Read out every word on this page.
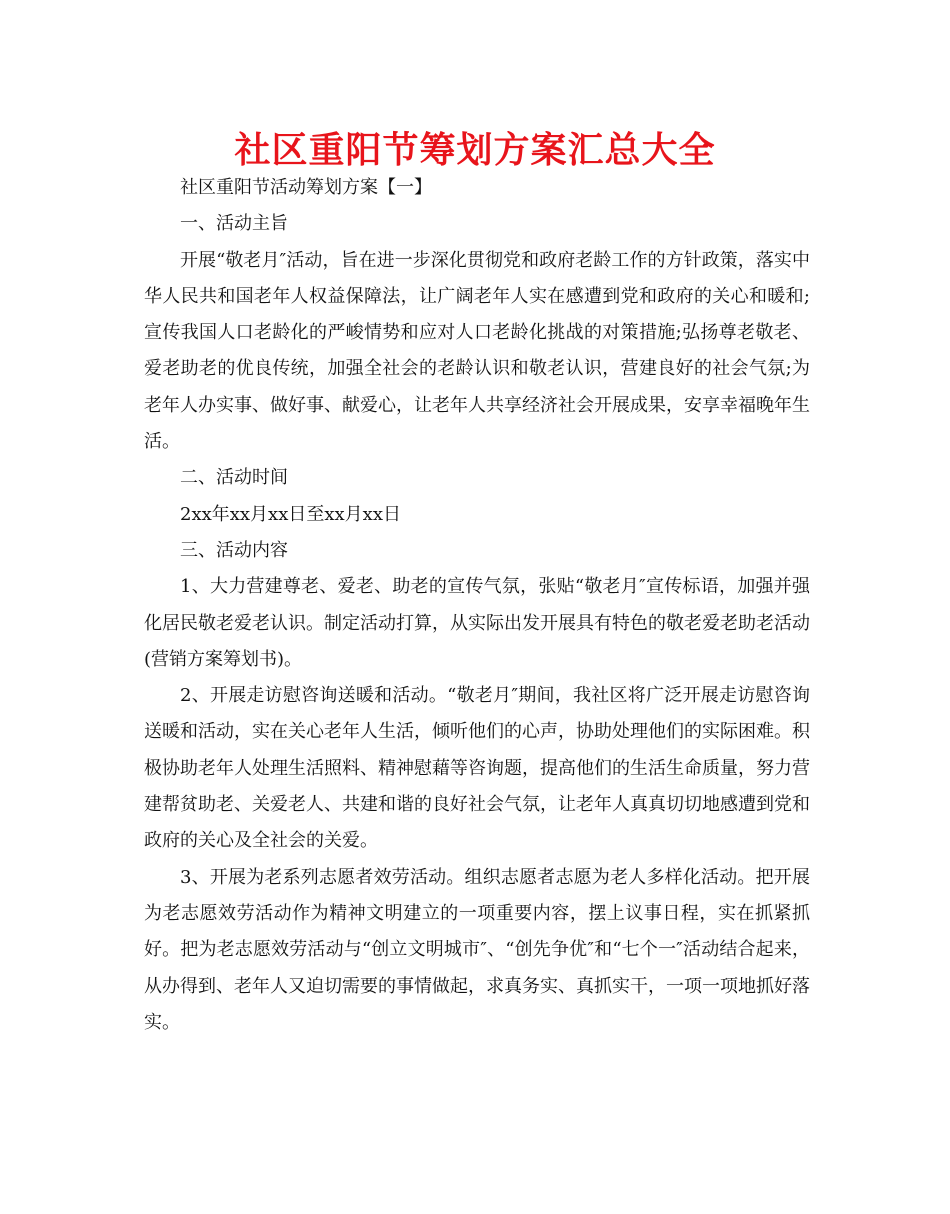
社区重阳节筹划方案汇总大全

社区重阳节活动筹划方案【一】

一、活动主旨

开展“敬老月″活动，旨在进一步深化贯彻党和政府老龄工作的方针政策，落实中华人民共和国老年人权益保障法，让广阔老年人实在感遭到党和政府的关心和暖和;宣传我国人口老龄化的严峻情势和应对人口老龄化挑战的对策措施;弘扬尊老敬老、爱老助老的优良传统，加强全社会的老龄认识和敬老认识，营建良好的社会气氛;为老年人办实事、做好事、献爱心，让老年人共享经济社会开展成果，安享幸福晚年生活。

二、活动时间

2xx年xx月xx日至xx月xx日

三、活动内容

1、大力营建尊老、爱老、助老的宣传气氛，张贴“敬老月″宣传标语，加强并强化居民敬老爱老认识。制定活动打算，从实际出发开展具有特色的敬老爱老助老活动(营销方案筹划书)。

2、开展走访慰咨询送暖和活动。“敬老月″期间，我社区将广泛开展走访慰咨询送暖和活动，实在关心老年人生活，倾听他们的心声，协助处理他们的实际困难。积极协助老年人处理生活照料、精神慰藉等咨询题，提高他们的生活生命质量，努力营建帮贫助老、关爱老人、共建和谐的良好社会气氛，让老年人真真切切地感遭到党和政府的关心及全社会的关爱。

3、开展为老系列志愿者效劳活动。组织志愿者志愿为老人多样化活动。把开展为老志愿效劳活动作为精神文明建立的一项重要内容，摆上议事日程，实在抓紧抓好。把为老志愿效劳活动与“创立文明城市″、“创先争优″和“七个一″活动结合起来，从办得到、老年人又迫切需要的事情做起，求真务实、真抓实干，一项一项地抓好落实。
